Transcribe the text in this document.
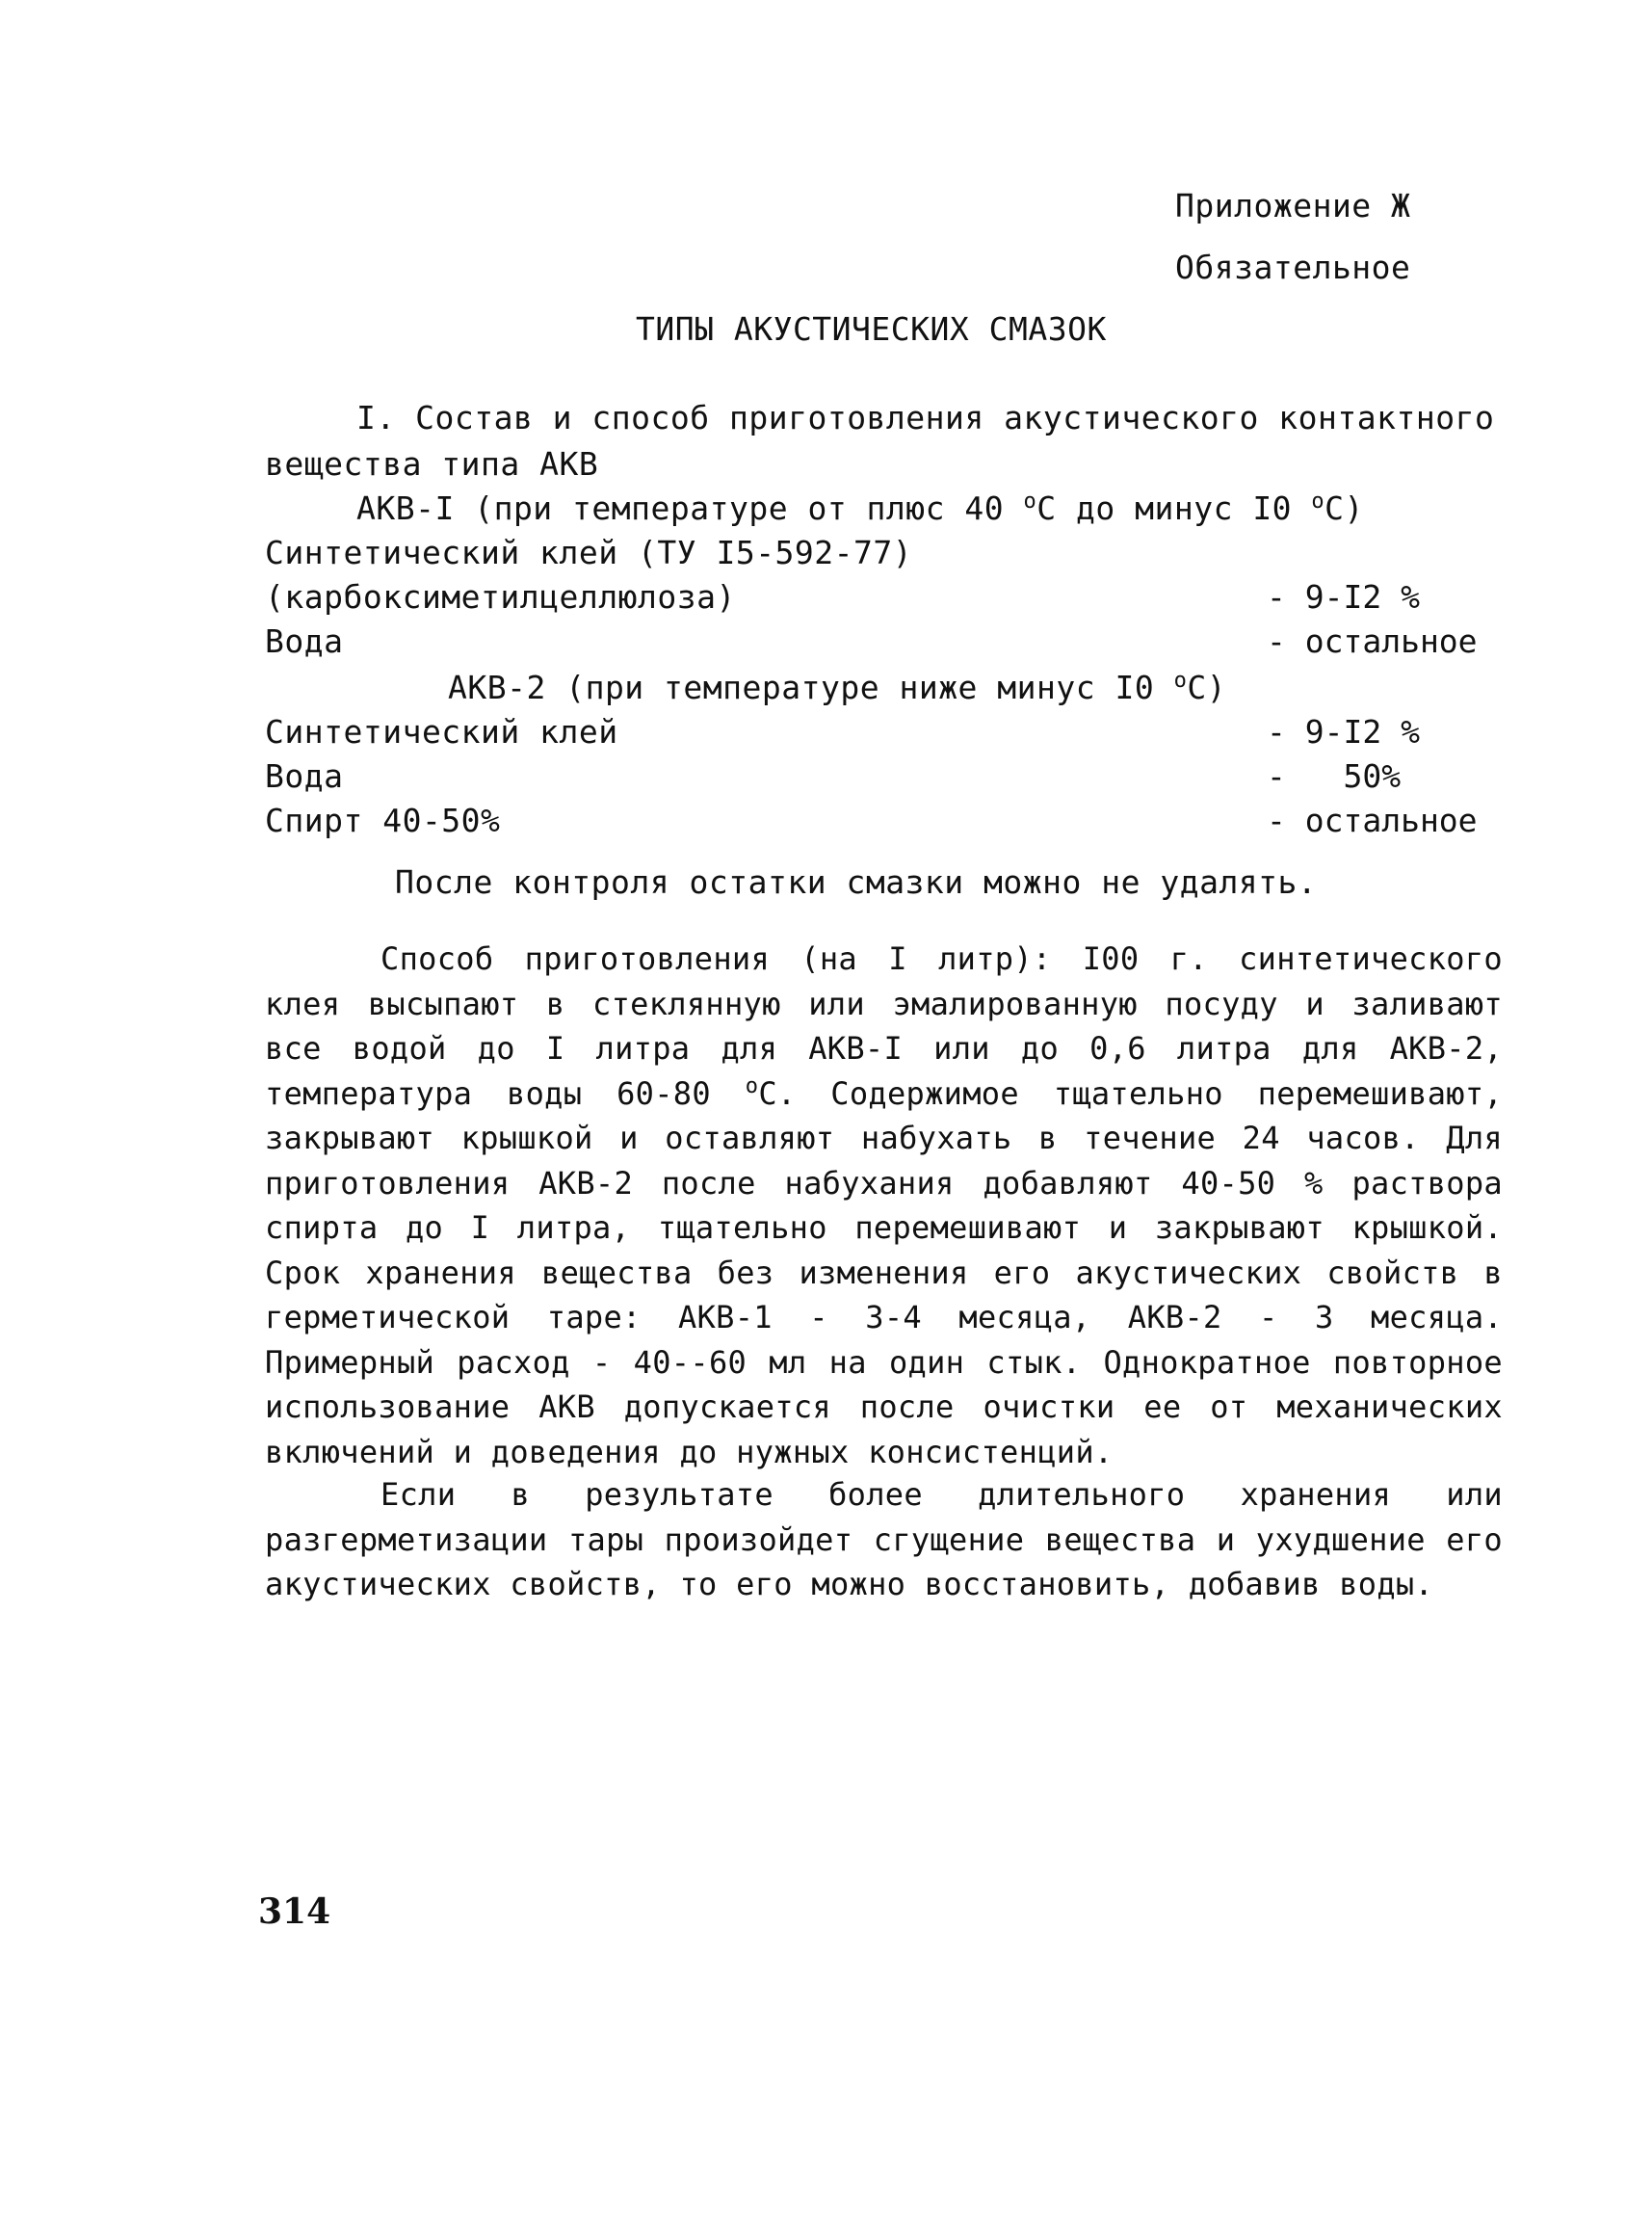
Приложение Ж
Обязательное
ТИПЫ АКУСТИЧЕСКИХ СМАЗОК
I. Состав и способ приготовления акустического контактного
вещества типа АКВ
АКВ-I (при температуре от плюс 40 $^о$С до минус I0 $^о$С)
Синтетический клей (ТУ I5-592-77)
(карбоксиметилцеллюлоза)	- 9-I2 %
Вода	- остальное
АКВ-2 (при температуре ниже минус I0 $^о$С)
Синтетический клей	- 9-I2 %
Вода	-   50%
Спирт 40-50%	- остальное
После контроля остатки смазки можно не удалять.

Способ приготовления (на I литр): I00 г. синтетического клея высыпают в стеклянную или эмалированную посуду и заливают все водой до I литра для АКВ-I или до 0,6 литра для АКВ-2, температура воды 60-80 $^о$С. Содержимое тщательно перемешивают, закрывают крышкой и оставляют набухать в течение 24 часов. Для приготовления АКВ-2 после набухания добавляют 40-50 % раствора спирта до I литра, тщательно перемешивают и закрывают крышкой. Срок хранения вещества без изменения его акустических свойств в герметической таре: АКВ-1 - 3-4 месяца, АКВ-2 - 3 месяца. Примерный расход - 40--60 мл на один стык. Однократное повторное использование АКВ допускается после очистки ее от механических включений и доведения до нужных консистенций.

Если в результате более длительного хранения или разгерметизации тары произойдет сгущение вещества и ухудшение его акустических свойств, то его можно восстановить, добавив воды.

314
